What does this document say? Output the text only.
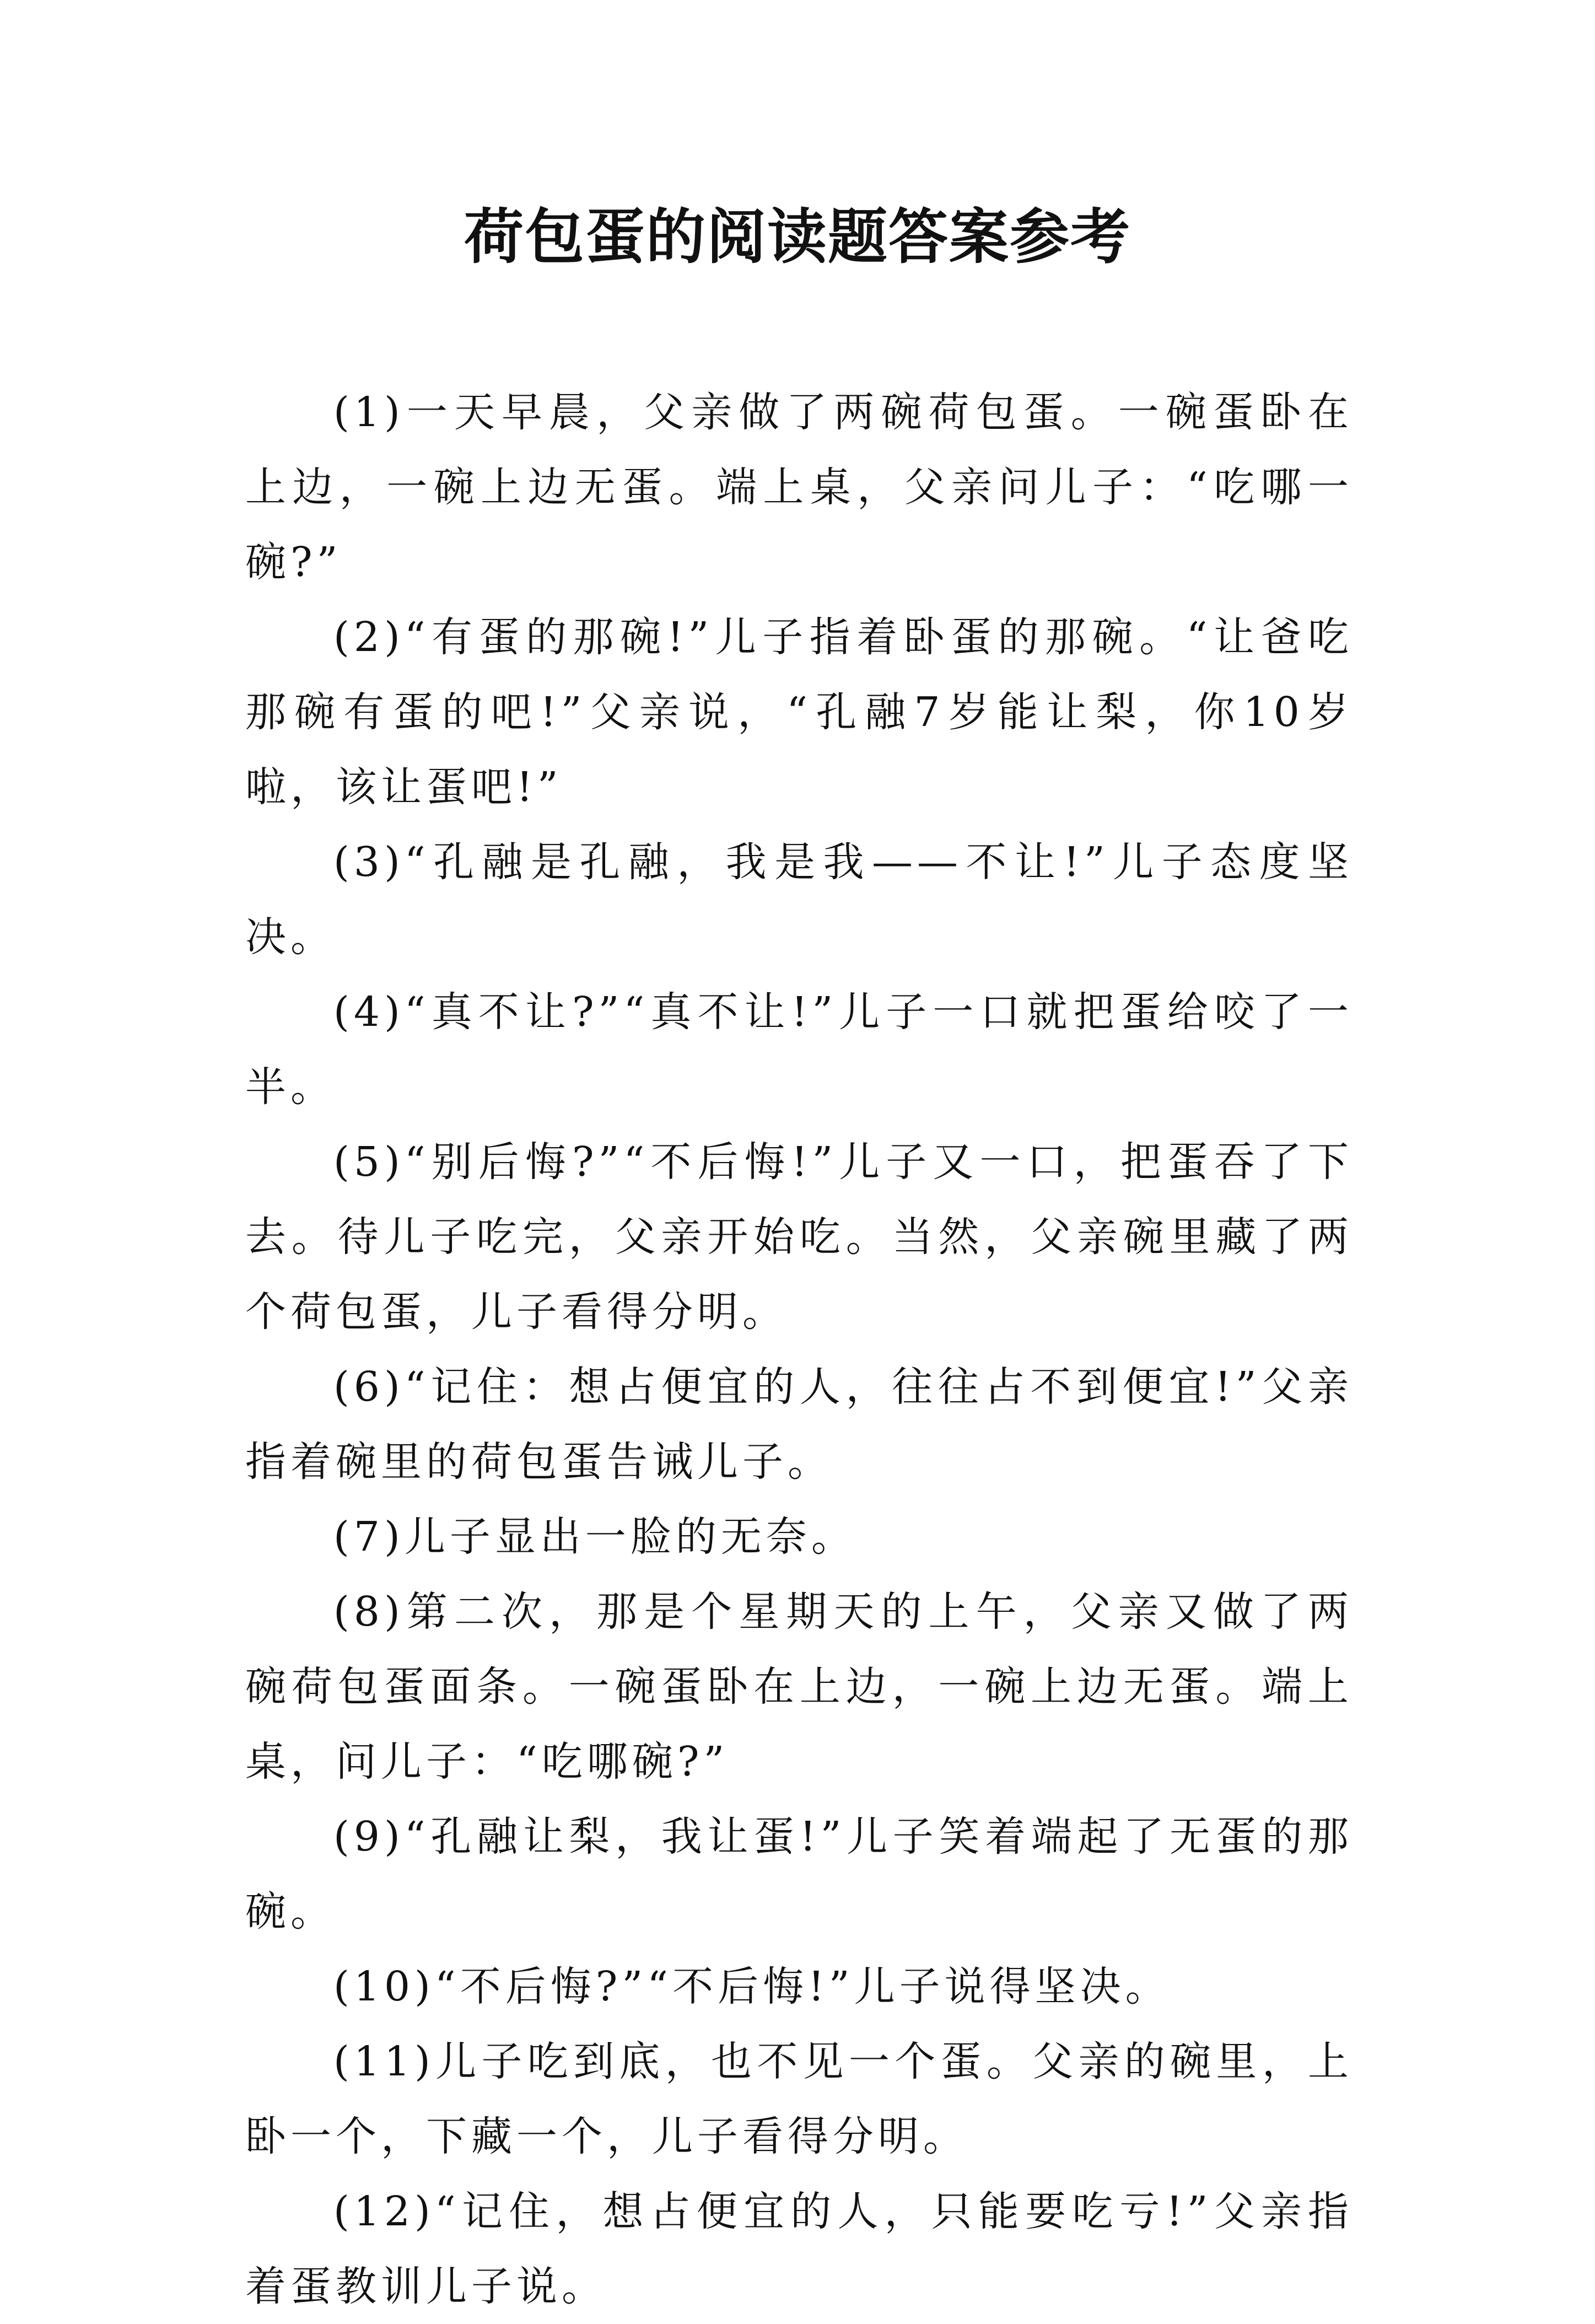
荷包蛋的阅读题答案参考

(1)一天早晨，父亲做了两碗荷包蛋。一碗蛋卧在上边，一碗上边无蛋。端上桌，父亲问儿子：“吃哪一碗?”

(2)“有蛋的那碗!”儿子指着卧蛋的那碗。“让爸吃那碗有蛋的吧!”父亲说，“孔融7岁能让梨，你10岁啦，该让蛋吧!”

(3)“孔融是孔融，我是我——不让!”儿子态度坚决。

(4)“真不让?”“真不让!”儿子一口就把蛋给咬了一半。

(5)“别后悔?”“不后悔!”儿子又一口，把蛋吞了下去。待儿子吃完，父亲开始吃。当然，父亲碗里藏了两个荷包蛋，儿子看得分明。

(6)“记住：想占便宜的人，往往占不到便宜!”父亲指着碗里的荷包蛋告诫儿子。

(7)儿子显出一脸的无奈。

(8)第二次，那是个星期天的上午，父亲又做了两碗荷包蛋面条。一碗蛋卧在上边，一碗上边无蛋。端上桌，问儿子：“吃哪碗?”

(9)“孔融让梨，我让蛋!”儿子笑着端起了无蛋的那碗。

(10)“不后悔?”“不后悔!”儿子说得坚决。

(11)儿子吃到底，也不见一个蛋。父亲的碗里，上卧一个，下藏一个，儿子看得分明。

(12)“记住，想占便宜的人，只能要吃亏!”父亲指着蛋教训儿子说。
